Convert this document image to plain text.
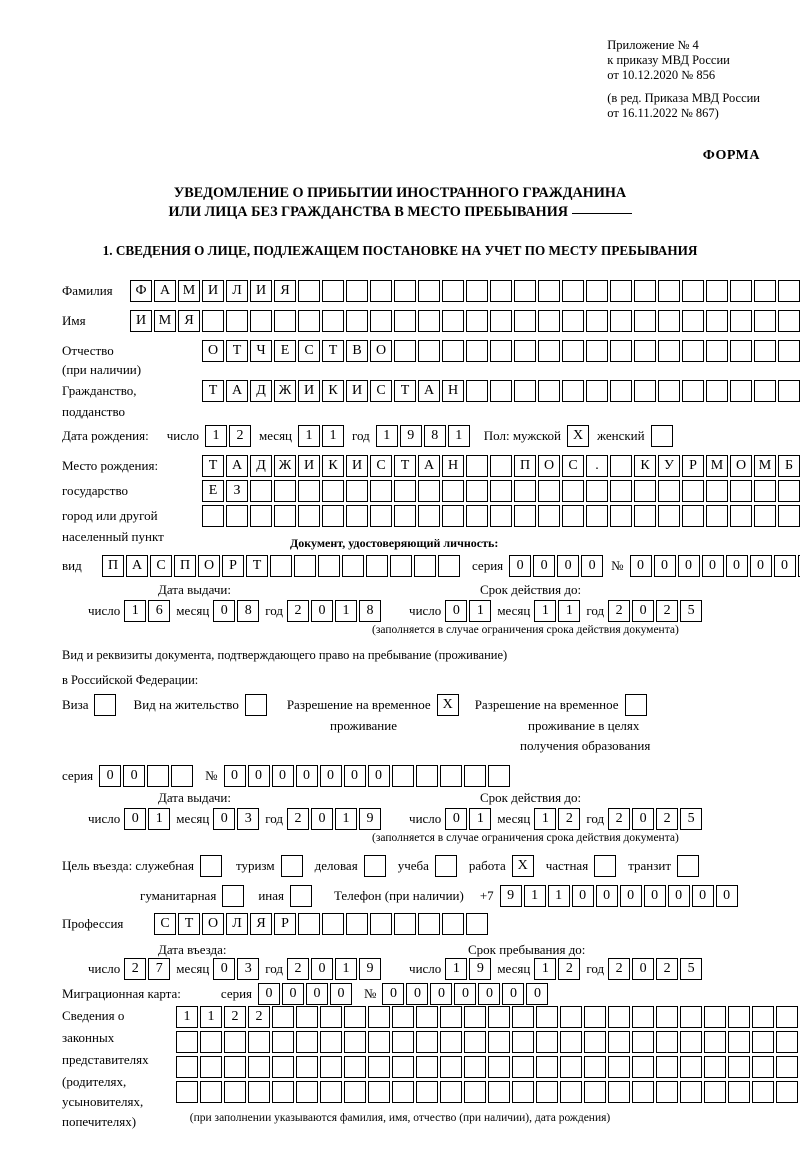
Приложение № 4
к приказу МВД России
от 10.12.2020 № 856
(в ред. Приказа МВД России
от 16.11.2022 № 867)
ФОРМА
УВЕДОМЛЕНИЕ О ПРИБЫТИИ ИНОСТРАННОГО ГРАЖДАНИНА
ИЛИ ЛИЦА БЕЗ ГРАЖДАНСТВА В МЕСТО ПРЕБЫВАНИЯ
1. СВЕДЕНИЯ О ЛИЦЕ, ПОДЛЕЖАЩЕМ ПОСТАНОВКЕ НА УЧЕТ ПО МЕСТУ ПРЕБЫВАНИЯ
Фамилия	Ф А М И	Л	И	Я
Имя	И М Я
Отчество	О	Т	Ч	Е	С	Т	В	О
(при наличии)
Гражданство,	Т	А	Д Ж И	К	И	С	Т	А Н
подданство
Дата рождения: число 1	2	месяц 1	1	год 1	9	8	1	Пол: мужской X	женский
Место рождения:	Т	А	Д Ж И	К	И	С	Т	А Н	П О	С	.	К	У	Р М О М Б
государство	Е	З
город или другой
населенный пункт	Документ, удостоверяющий личность:
вид	П А	С	П О	Р	Т	серия 0	0	0	0	№ 0	0	0	0	0	0	0
Дата выдачи:	Срок действия до:
число 1	6	месяц 0	8	год 2	0	1	8	число 0	1	месяц 1	1	год 2	0	2	5
(заполняется в случае ограничения срока действия документа)
Вид и реквизиты документа, подтверждающего право на пребывание (проживание)
в Российской Федерации:
Виза	Вид на жительство	Разрешение на временное X	Разрешение на временное
проживание	проживание в целях
получения образования
серия 0	0	№ 0	0	0	0	0	0	0
Дата выдачи:	Срок действия до:
число 0	1	месяц 0	3	год 2	0	1	9	число 0	1	месяц 1	2	год 2	0	2	5
(заполняется в случае ограничения срока действия документа)
Цель въезда: служебная	туризм	деловая	учеба	работа X	частная	транзит
гуманитарная	иная	Телефон (при наличии) +7 9	1	1	0	0	0	0	0	0	0
Профессия	С	Т	О	Л	Я	Р
Дата въезда:	Срок пребывания до:
число 2	7	месяц 0	3	год 2	0	1	9	число 1	9	месяц 1	2	год 2	0	2	5
Миграционная карта:	серия 0	0	0	0	№ 0	0	0	0	0	0	0
Сведения о
законных
представителях
(родителях,
усыновителях,
попечителях)
1	1	2	2
(при заполнении указываются фамилия, имя, отчество (при наличии), дата рождения)
